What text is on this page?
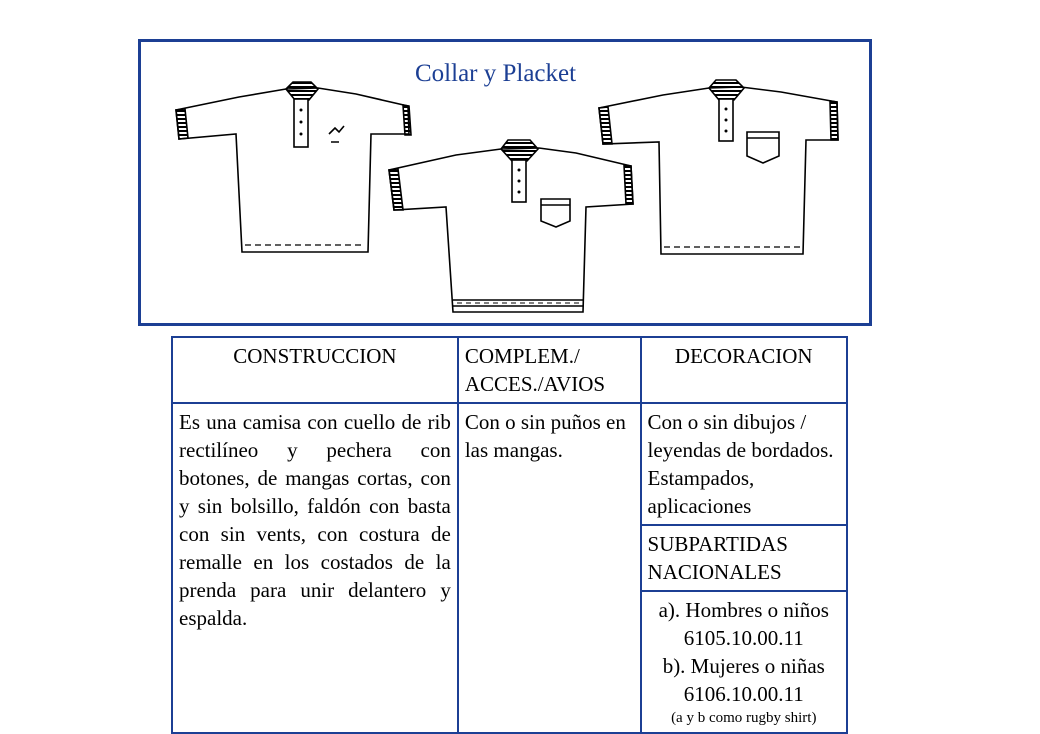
Collar y Placket
CONSTRUCCION	COMPLEM./ ACCES./AVIOS	DECORACION
Es una camisa con cuello de rib rectilíneo y pechera con botones, de mangas cortas, con y sin bolsillo, faldón con basta con sin vents, con costura de remalle en los costados de la prenda para unir delantero y espalda.	Con o sin puños en las mangas.	Con o sin dibujos / leyendas de bordados. Estampados, aplicaciones
		SUBPARTIDAS NACIONALES

		a). Hombres o niños
6105.10.00.11
b). Mujeres o niñas
6106.10.00.11
(a y b como rugby shirt)
